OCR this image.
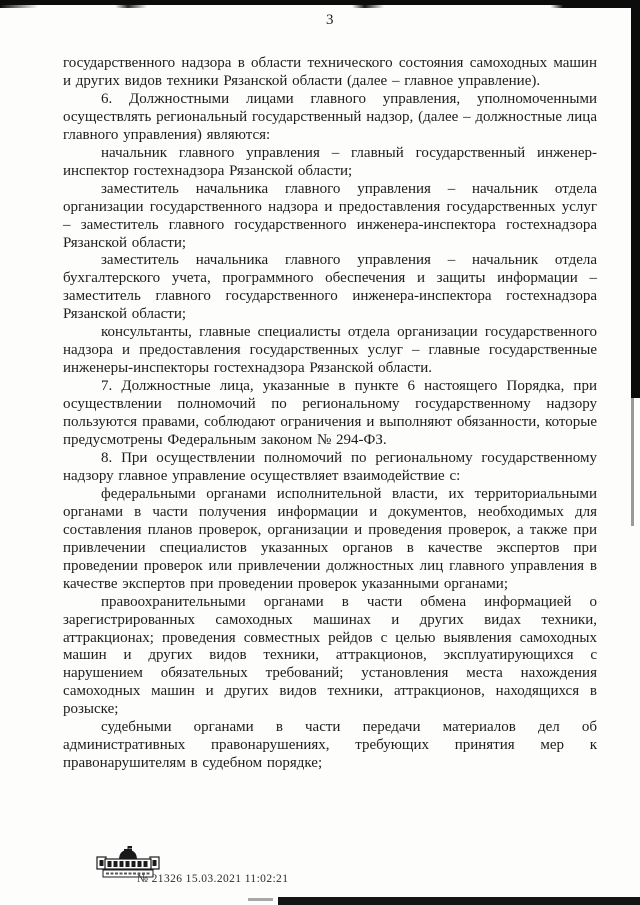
3

государственного надзора в области технического состояния самоходных машин и других видов техники Рязанской области (далее – главное управление).

6. Должностными лицами главного управления, уполномоченными осуществлять региональный государственный надзор, (далее – должностные лица главного управления) являются:

начальник главного управления – главный государственный инженер-инспектор гостехнадзора Рязанской области;

заместитель начальника главного управления – начальник отдела организации государственного надзора и предоставления государственных услуг – заместитель главного государственного инженера-инспектора гостехнадзора Рязанской области;

заместитель начальника главного управления – начальник отдела бухгалтерского учета, программного обеспечения и защиты информации – заместитель главного государственного инженера-инспектора гостехнадзора Рязанской области;

консультанты, главные специалисты отдела организации государственного надзора и предоставления государственных услуг – главные государственные инженеры-инспекторы гостехнадзора Рязанской области.

7. Должностные лица, указанные в пункте 6 настоящего Порядка, при осуществлении полномочий по региональному государственному надзору пользуются правами, соблюдают ограничения и выполняют обязанности, которые предусмотрены Федеральным законом № 294-ФЗ.

8. При осуществлении полномочий по региональному государственному надзору главное управление осуществляет взаимодействие с:

федеральными органами исполнительной власти, их территориальными органами в части получения информации и документов, необходимых для составления планов проверок, организации и проведения проверок, а также при привлечении специалистов указанных органов в качестве экспертов при проведении проверок или привлечении должностных лиц главного управления в качестве экспертов при проведении проверок указанными органами;

правоохранительными органами в части обмена информацией о зарегистрированных самоходных машинах и других видах техники, аттракционах; проведения совместных рейдов с целью выявления самоходных машин и других видов техники, аттракционов, эксплуатирующихся с нарушением обязательных требований; установления места нахождения самоходных машин и других видов техники, аттракционов, находящихся в розыске;

судебными органами в части передачи материалов дел об административных правонарушениях, требующих принятия мер к правонарушителям в судебном порядке;

№ 21326 15.03.2021 11:02:21
